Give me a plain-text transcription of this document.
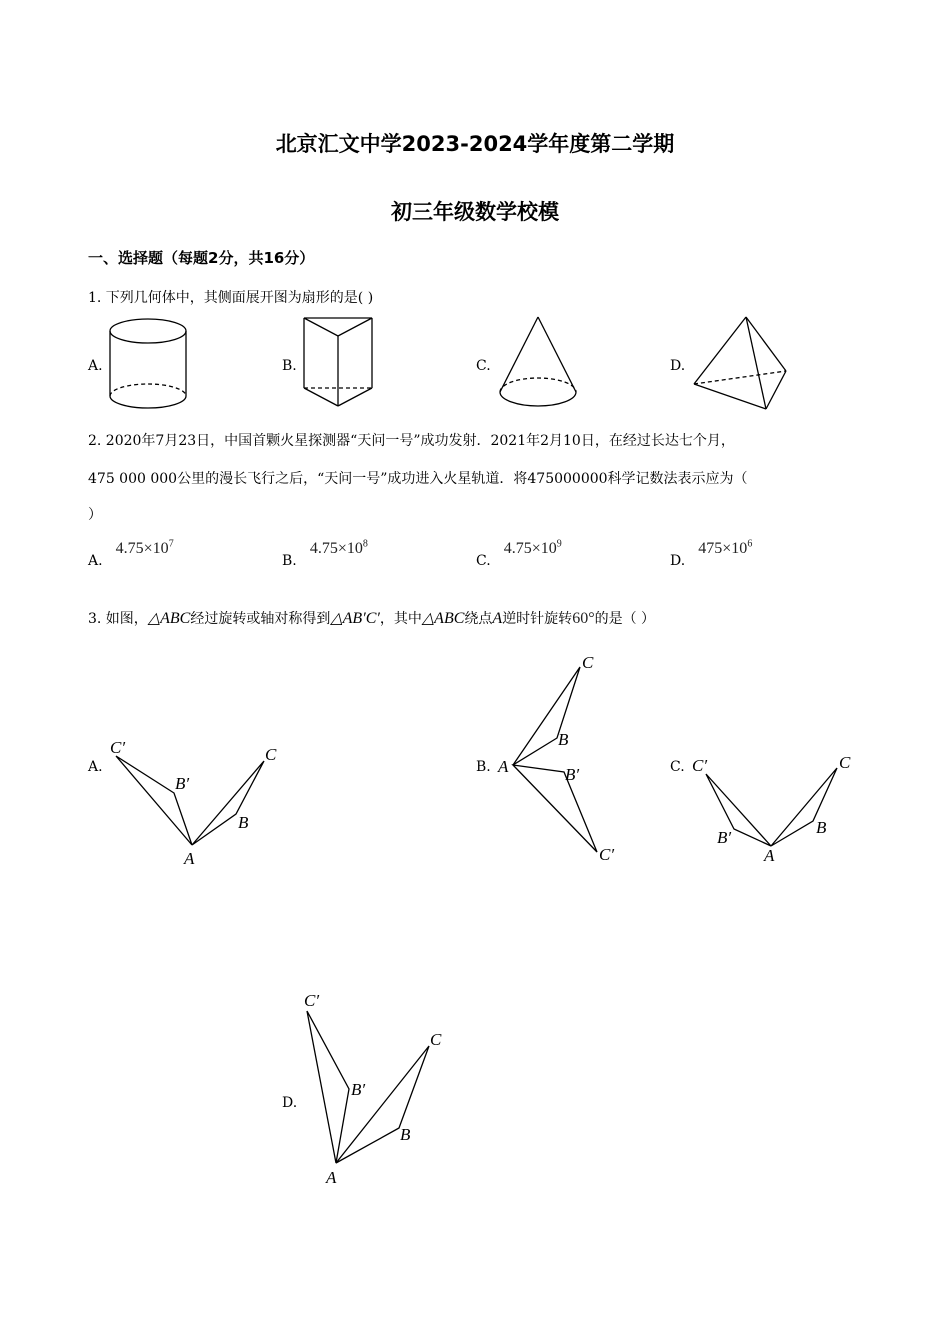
北京汇文中学2023-2024学年度第二学期
初三年级数学校模
一、选择题（每题2分，共16分）
1. 下列几何体中，其侧面展开图为扇形的是( )
A.	B.	C.	D.
2. 2020年7月23日，中国首颗火星探测器“天问一号”成功发射．2021年2月10日，在经过长达七个月，
475 000 000公里的漫长飞行之后，“天问一号”成功进入火星轨道．将475000000科学记数法表示应为（
）
A. $4.75\times 10^7$
B. $4.75\times 10^8$
C. $4.75\times 10^9$
D. $475\times 10^6$
3. 如图，△ABC经过旋转或轴对称得到△AB′C′，其中△ABC绕点A逆时针旋转60°的是（ ）
A.	B.	C.
D.
C′
B′
A
C
B
C
B
A	B′
C′
C′
B′
A
C
B
C′
B′
A
C
B
